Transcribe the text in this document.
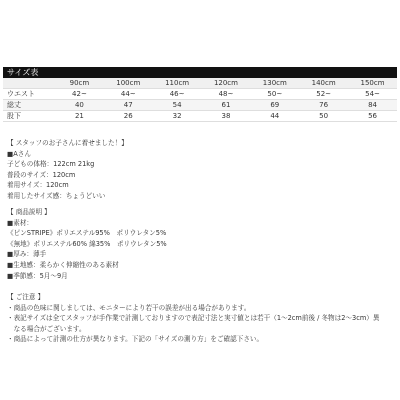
サイズ表
	90cm	100cm	110cm	120cm	130cm	140cm	150cm
ウエスト	42~	44~	46~	48~	50~	52~	54~
総丈	40	47	54	61	69	76	84
股下	21	26	32	38	44	50	56
【 スタッフのお子さんに着せました！】
■Aさん
子どもの体格：122cm 21kg
普段のサイズ：120cm
着用サイズ：120cm
着用したサイズ感：ちょうどいい
【 商品説明 】
■素材：
《ピンSTRIPE》ポリエステル95%　ポリウレタン5%
《無地》ポリエステル60% 綿35%　ポリウレタン5%
■厚み：薄手
■生地感：柔らかく伸縮性のある素材
■季節感：5月～9月
【 ご注意 】
・商品の色味に関しましては、モニターにより若干の誤差が出る場合があります。
・表記サイズは全てスタッフが手作業で計測しておりますので表記寸法と実寸値とは若干（1～2cm前後 / 冬物は2～3cm）異
　なる場合がございます。
・商品によって計測の仕方が異なります。下記の「サイズの測り方」をご確認下さい。
